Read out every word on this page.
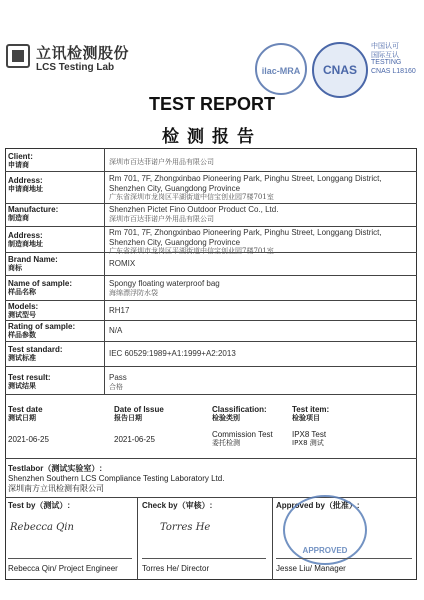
立讯检测股份
LCS Testing Lab	ilac-MRA	CNAS
中国认可
国际互认
TESTING
CNAS L18160
TEST REPORT
检测报告
Client:
申请商	深圳市百达菲诺户外用品有限公司
Address:
申请商地址
Rm 701, 7F, Zhongxinbao Pioneering Park, Pinghu Street, Longgang District, Shenzhen City, Guangdong Province
广东省深圳市龙岗区平湖街道中信宝创业园7楼701室
Manufacture:
制造商
Shenzhen Pictet Fino Outdoor Product Co., Ltd.
深圳市百达菲诺户外用品有限公司
Address:
制造商地址
Rm 701, 7F, Zhongxinbao Pioneering Park, Pinghu Street, Longgang District, Shenzhen City, Guangdong Province
广东省深圳市龙岗区平湖街道中信宝创业园7楼701室
Brand Name:
商标	ROMIX
Name of sample:
样品名称
Spongy floating waterproof bag
海绵漂浮防水袋
Models:
测试型号	RH17
Rating of sample:
样品参数	N/A
Test standard:
测试标准	IEC 60529:1989+A1:1999+A2:2013
Test result:
测试结果
Pass
合格
Test date
测试日期
2021-06-25
Date of Issue
报告日期
2021-06-25
Classification:
检验类别
Commission Test
委托检测
Test item:
检验项目
IPX8 Test
IPX8 测试
Testlabor（测试实验室）:
Shenzhen Southern LCS Compliance Testing Laboratory Ltd.
深圳南方立讯检测有限公司
Test by（测试）:
Rebecca Qin
Rebecca Qin/ Project Engineer
Check by（审核）:
Torres He
Torres He/ Director
Approved by（批准）:
APPROVED
Jesse Liu/ Manager
